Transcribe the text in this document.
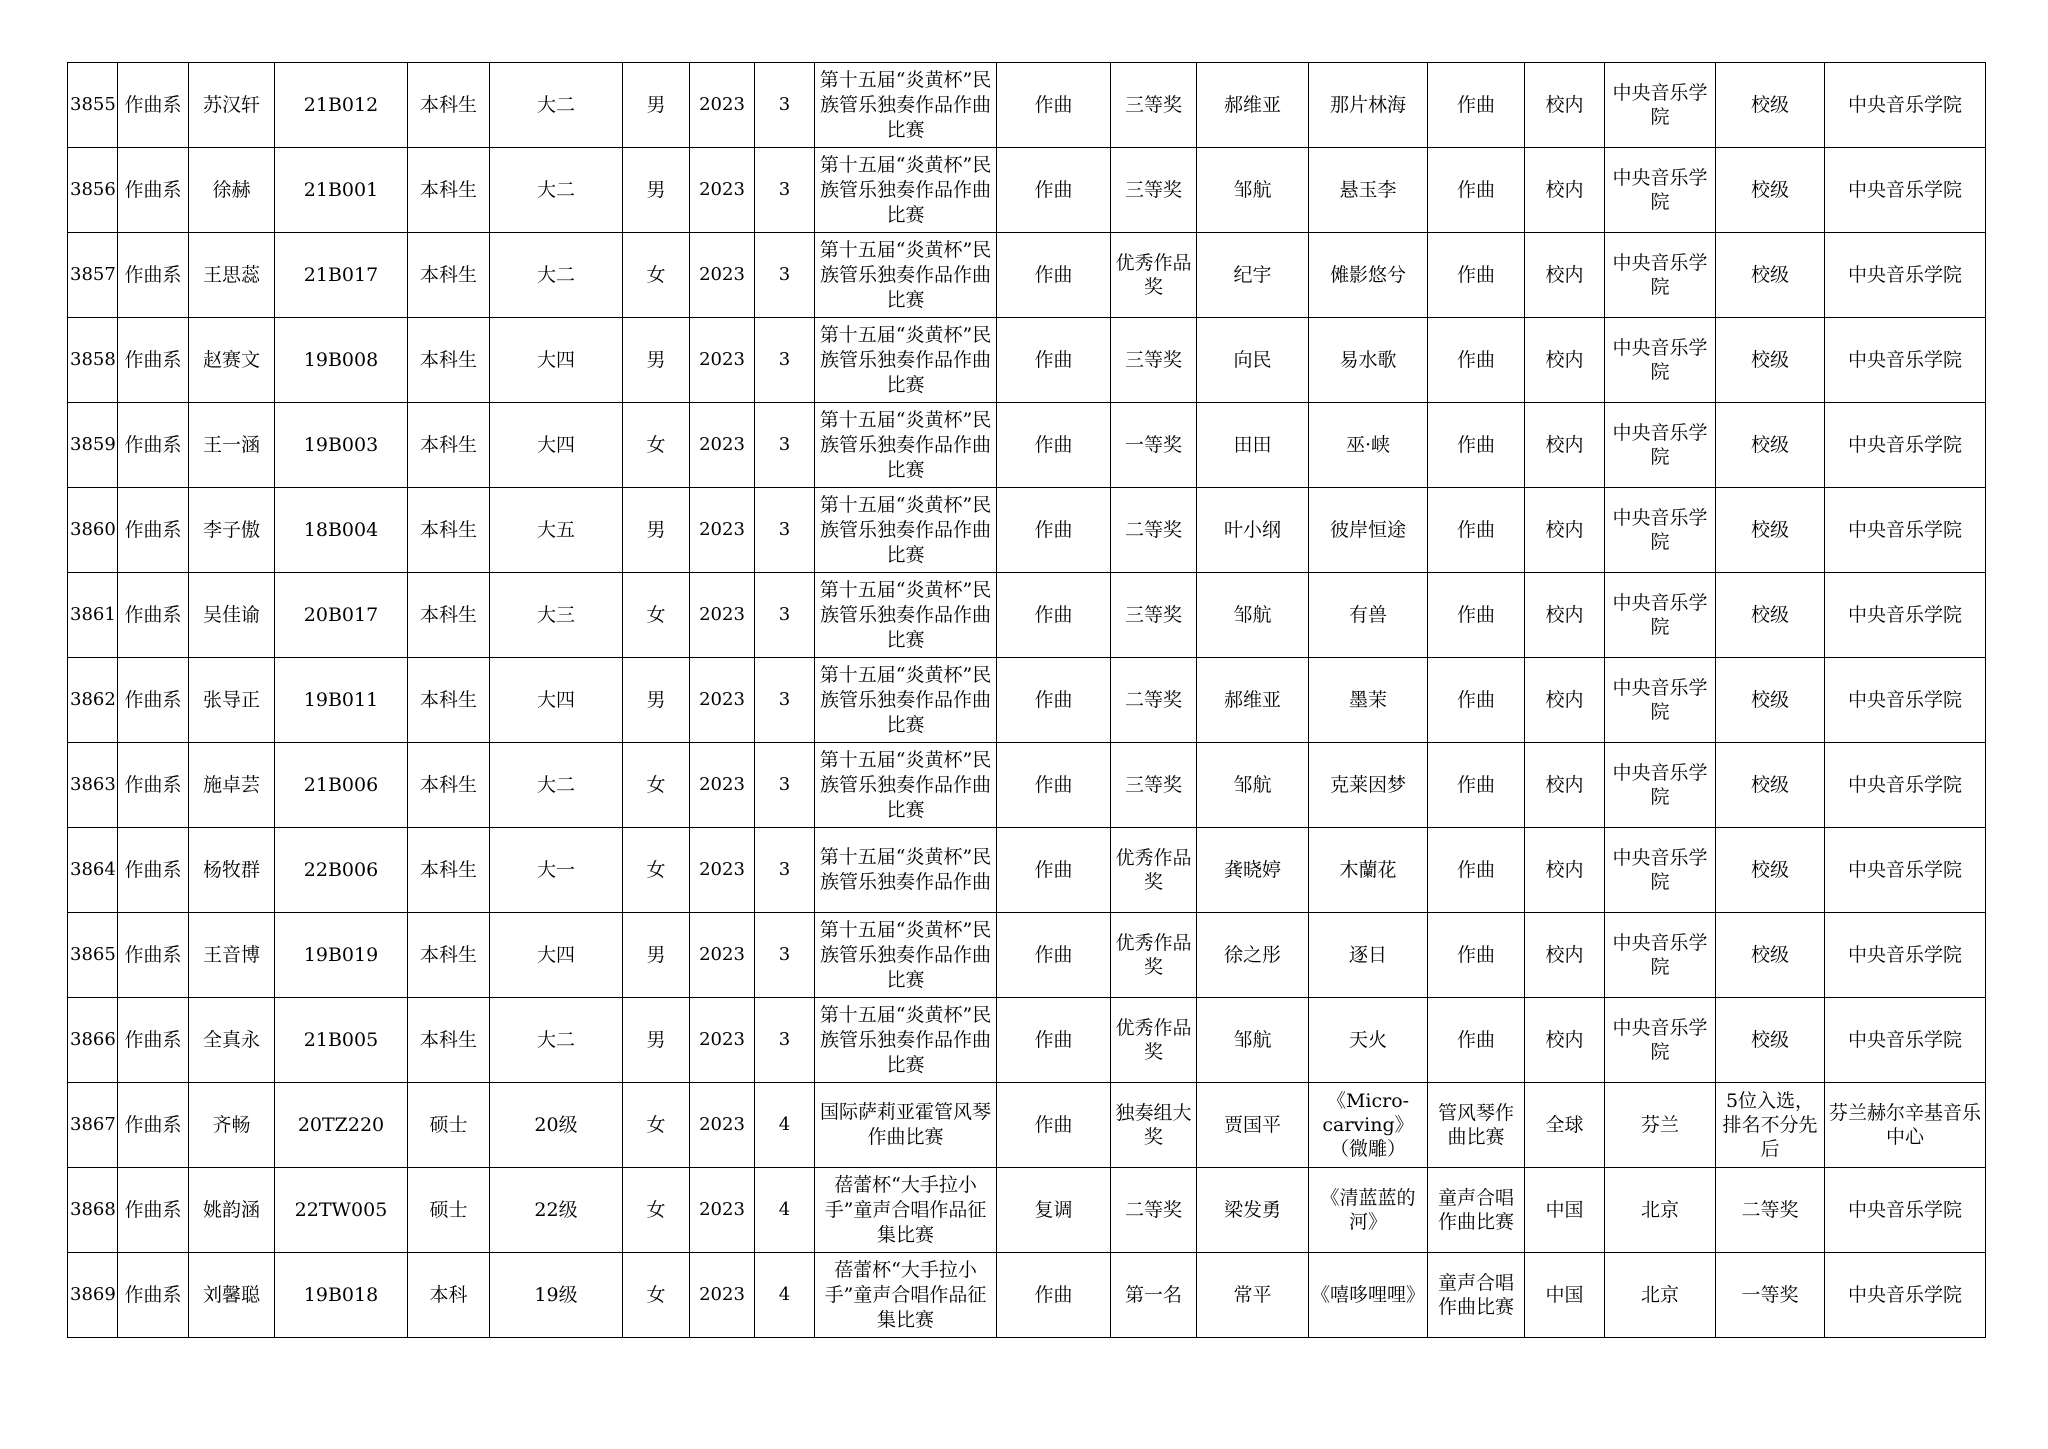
3855	作曲系	苏汉轩	21B012	本科生	大二	男	2023	3	第十五届“炎黄杯”民族管乐独奏作品作曲比赛	作曲	三等奖	郝维亚	那片林海	作曲	校内	中央音乐学院	校级	中央音乐学院
3856	作曲系	徐赫	21B001	本科生	大二	男	2023	3	第十五届“炎黄杯”民族管乐独奏作品作曲比赛	作曲	三等奖	邹航	悬玉李	作曲	校内	中央音乐学院	校级	中央音乐学院
3857	作曲系	王思蕊	21B017	本科生	大二	女	2023	3	第十五届“炎黄杯”民族管乐独奏作品作曲比赛	作曲	优秀作品奖	纪宇	傩影悠兮	作曲	校内	中央音乐学院	校级	中央音乐学院
3858	作曲系	赵赛文	19B008	本科生	大四	男	2023	3	第十五届“炎黄杯”民族管乐独奏作品作曲比赛	作曲	三等奖	向民	易水歌	作曲	校内	中央音乐学院	校级	中央音乐学院
3859	作曲系	王一涵	19B003	本科生	大四	女	2023	3	第十五届“炎黄杯”民族管乐独奏作品作曲比赛	作曲	一等奖	田田	巫·峡	作曲	校内	中央音乐学院	校级	中央音乐学院
3860	作曲系	李子傲	18B004	本科生	大五	男	2023	3	第十五届“炎黄杯”民族管乐独奏作品作曲比赛	作曲	二等奖	叶小纲	彼岸恒途	作曲	校内	中央音乐学院	校级	中央音乐学院
3861	作曲系	吴佳谕	20B017	本科生	大三	女	2023	3	第十五届“炎黄杯”民族管乐独奏作品作曲比赛	作曲	三等奖	邹航	有兽	作曲	校内	中央音乐学院	校级	中央音乐学院
3862	作曲系	张导正	19B011	本科生	大四	男	2023	3	第十五届“炎黄杯”民族管乐独奏作品作曲比赛	作曲	二等奖	郝维亚	墨茉	作曲	校内	中央音乐学院	校级	中央音乐学院
3863	作曲系	施卓芸	21B006	本科生	大二	女	2023	3	第十五届“炎黄杯”民族管乐独奏作品作曲比赛	作曲	三等奖	邹航	克莱因梦	作曲	校内	中央音乐学院	校级	中央音乐学院
3864	作曲系	杨牧群	22B006	本科生	大一	女	2023	3	第十五届“炎黄杯”民族管乐独奏作品作曲	作曲	优秀作品奖	龚晓婷	木蘭花	作曲	校内	中央音乐学院	校级	中央音乐学院
3865	作曲系	王音博	19B019	本科生	大四	男	2023	3	第十五届“炎黄杯”民族管乐独奏作品作曲比赛	作曲	优秀作品奖	徐之彤	逐日	作曲	校内	中央音乐学院	校级	中央音乐学院
3866	作曲系	全真永	21B005	本科生	大二	男	2023	3	第十五届“炎黄杯”民族管乐独奏作品作曲比赛	作曲	优秀作品奖	邹航	天火	作曲	校内	中央音乐学院	校级	中央音乐学院
3867	作曲系	齐畅	20TZ220	硕士	20级	女	2023	4	国际萨莉亚霍管风琴作曲比赛	作曲	独奏组大奖	贾国平	《Micro-carving》（微雕）	管风琴作曲比赛	全球	芬兰	5位入选，排名不分先后	芬兰赫尔辛基音乐中心
3868	作曲系	姚韵涵	22TW005	硕士	22级	女	2023	4	蓓蕾杯“大手拉小手”童声合唱作品征集比赛	复调	二等奖	梁发勇	《清蓝蓝的河》	童声合唱作曲比赛	中国	北京	二等奖	中央音乐学院
3869	作曲系	刘馨聪	19B018	本科	19级	女	2023	4	蓓蕾杯“大手拉小手”童声合唱作品征集比赛	作曲	第一名	常平	《嘻哆哩哩》	童声合唱作曲比赛	中国	北京	一等奖	中央音乐学院
